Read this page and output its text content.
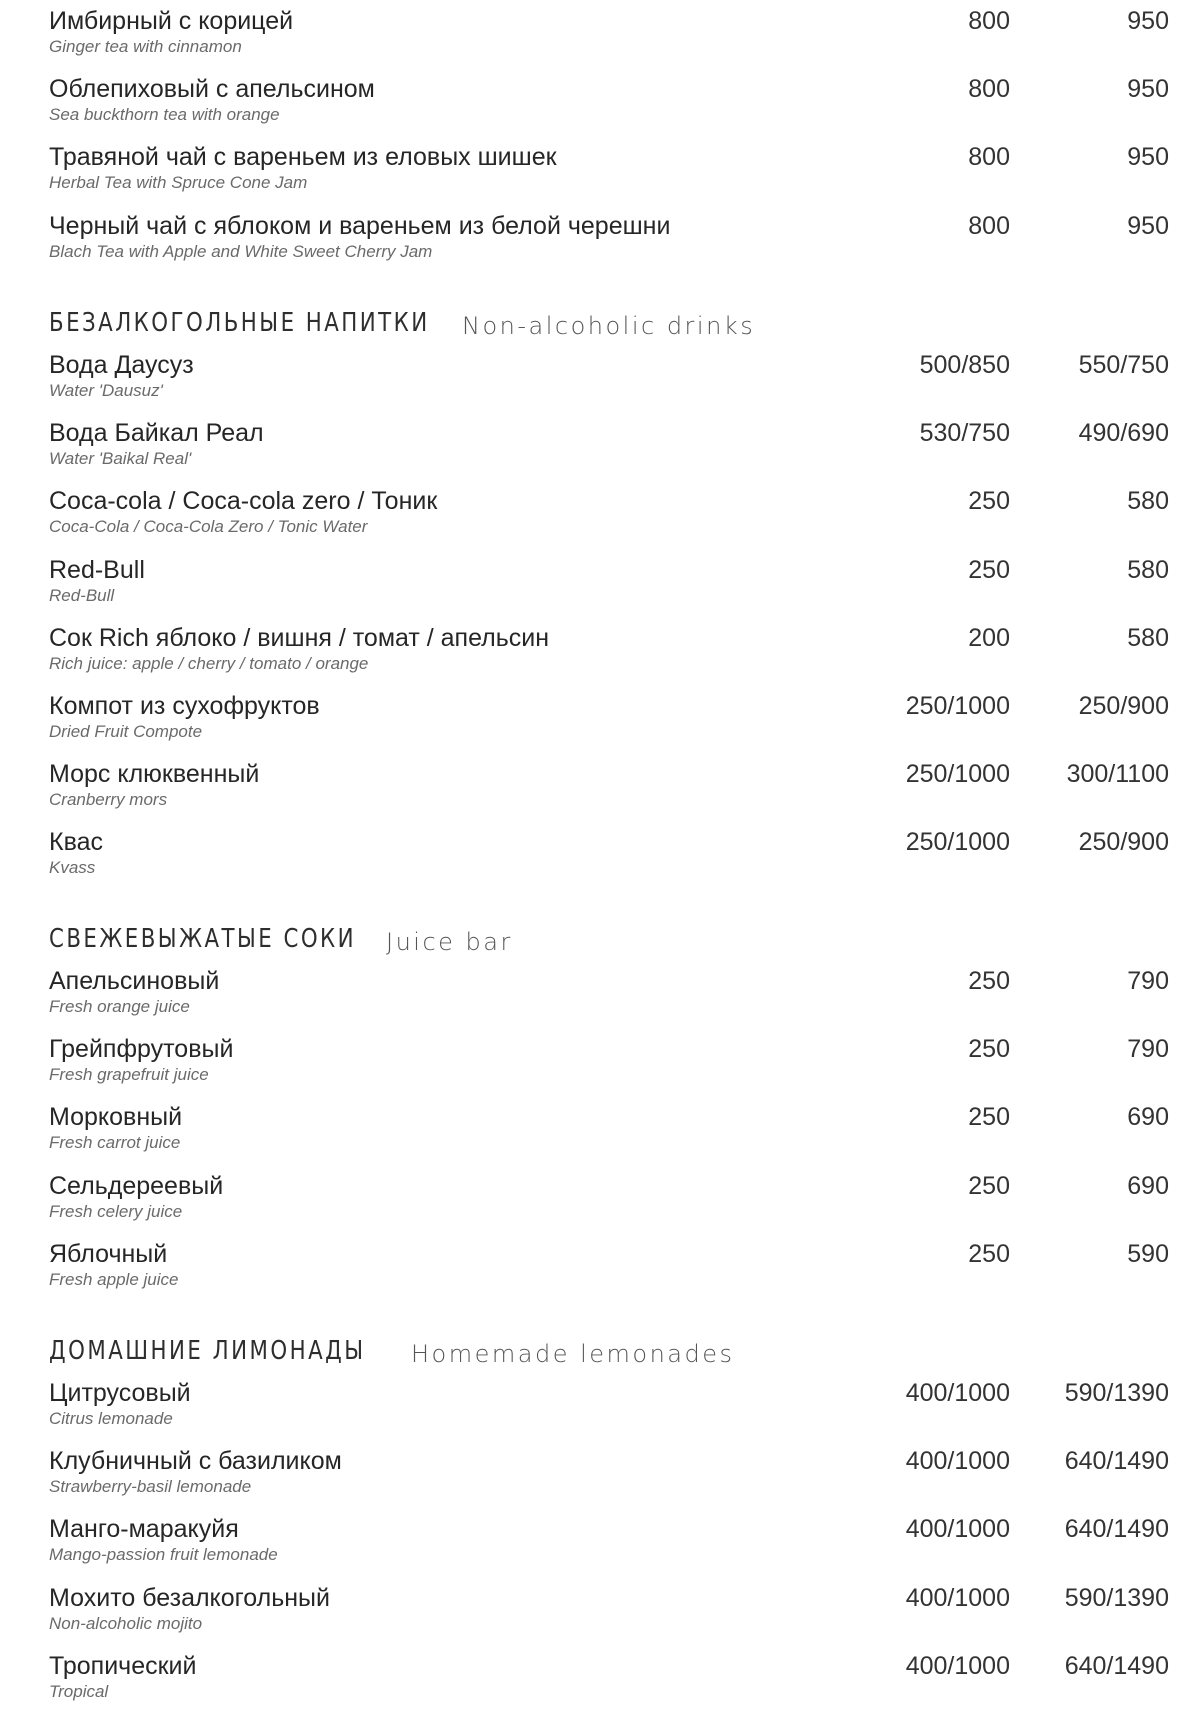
Имбирный с корицей
Ginger tea with cinnamon
800	950
Облепиховый с апельсином
Sea buckthorn tea with orange
800	950
Травяной чай с вареньем из еловых шишек
Herbal Tea with Spruce Cone Jam
800	950
Черный чай с яблоком и вареньем из белой черешни
Blach Tea with Apple and White Sweet Cherry Jam
800	950
БЕЗАЛКОГОЛЬНЫЕ НАПИТКИ Non-alcoholic drinks
Вода Даусуз
Water 'Dausuz'
500/850	550/750
Вода Байкал Реал
Water 'Baikal Real'
530/750	490/690
Coca-cola / Coca-cola zero / Тоник
Coca-Cola / Coca-Cola Zero / Tonic Water
250	580
Red-Bull
Red-Bull
250	580
Сок Rich яблоко / вишня / томат / апельсин
Rich juice: apple / cherry / tomato / orange
200	580
Компот из сухофруктов
Dried Fruit Compote
250/1000	250/900
Морс клюквенный
Cranberry mors
250/1000 300/1100
Квас
Kvass
250/1000	250/900
СВЕЖЕВЫЖАТЫЕ СОКИ Juice bar
Апельсиновый
Fresh orange juice
250	790
Грейпфрутовый
Fresh grapefruit juice
250	790
Морковный
Fresh carrot juice
250	690
Сельдереевый
Fresh celery juice
250	690
Яблочный
Fresh apple juice
250	590
ДОМАШНИЕ ЛИМОНАДЫ Homemade lemonades
Цитрусовый
Citrus lemonade
400/1000 590/1390
Клубничный с базиликом
Strawberry-basil lemonade
400/1000 640/1490
Манго-маракуйя
Mango-passion fruit lemonade
400/1000 640/1490
Мохито безалкогольный
Non-alcoholic mojito
400/1000 590/1390
Тропический
Tropical
400/1000 640/1490
